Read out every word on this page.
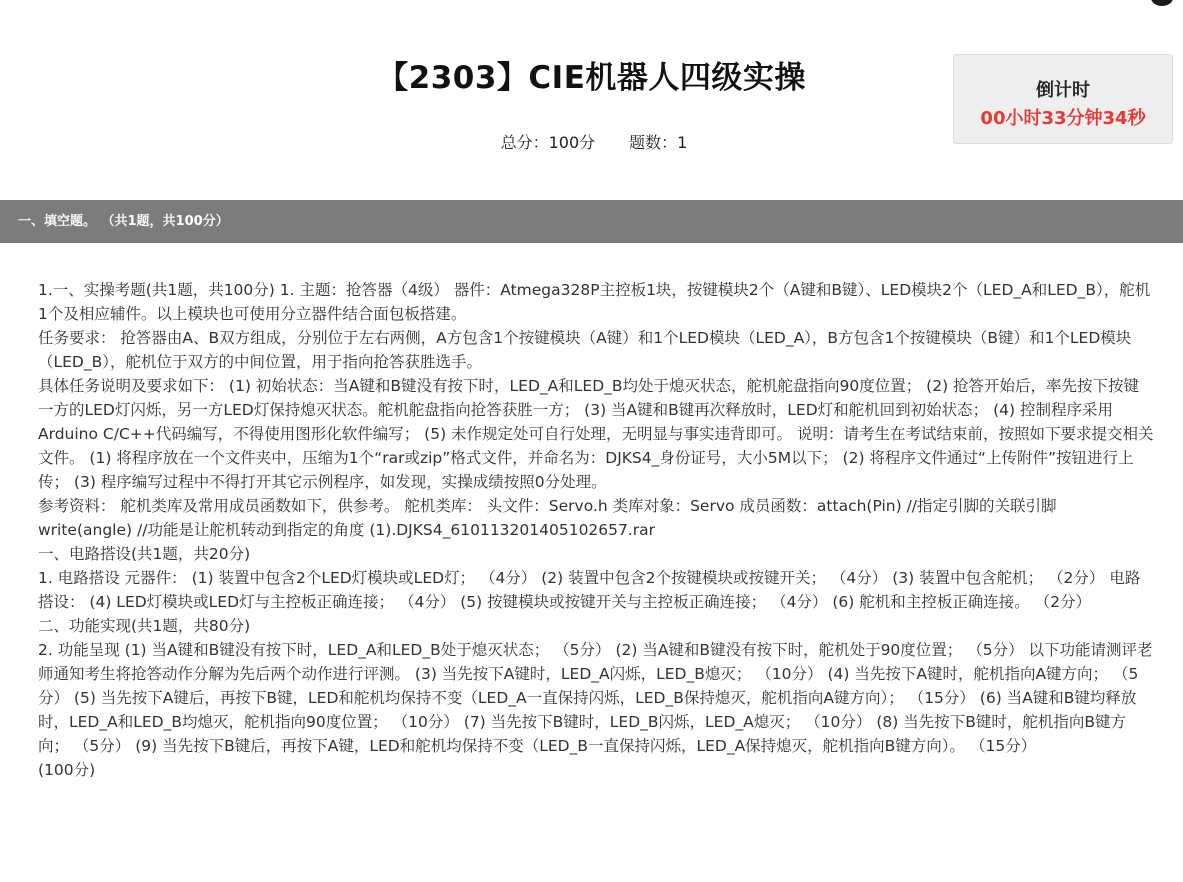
【2303】CIE机器人四级实操
总分：100分 题数：1
倒计时
00小时33分钟34秒
一、填空题。 （共1题，共100分）

1.一、实操考题(共1题，共100分) 1. 主题：抢答器（4级） 器件：Atmega328P主控板1块，按键模块2个（A键和B键）、LED模块2个（LED_A和LED_B），舵机1个及相应辅件。以上模块也可使用分立器件结合面包板搭建。

任务要求： 抢答器由A、B双方组成，分别位于左右两侧，A方包含1个按键模块（A键）和1个LED模块（LED_A），B方包含1个按键模块（B键）和1个LED模块（LED_B），舵机位于双方的中间位置，用于指向抢答获胜选手。

具体任务说明及要求如下： (1) 初始状态：当A键和B键没有按下时，LED_A和LED_B均处于熄灭状态，舵机舵盘指向90度位置； (2) 抢答开始后，率先按下按键一方的LED灯闪烁，另一方LED灯保持熄灭状态。舵机舵盘指向抢答获胜一方； (3) 当A键和B键再次释放时，LED灯和舵机回到初始状态； (4) 控制程序采用Arduino C/C++代码编写，不得使用图形化软件编写； (5) 未作规定处可自行处理，无明显与事实违背即可。 说明：请考生在考试结束前，按照如下要求提交相关文件。 (1) 将程序放在一个文件夹中，压缩为1个“rar或zip”格式文件，并命名为：DJKS4_身份证号，大小5M以下； (2) 将程序文件通过“上传附件”按钮进行上传； (3) 程序编写过程中不得打开其它示例程序，如发现，实操成绩按照0分处理。

参考资料： 舵机类库及常用成员函数如下，供参考。 舵机类库： 头文件：Servo.h 类库对象：Servo 成员函数：attach(Pin) //指定引脚的关联引脚 write(angle) //功能是让舵机转动到指定的角度 (1).DJKS4_610113201405102657.rar

一、电路搭设(共1题，共20分)

1. 电路搭设 元器件： (1) 装置中包含2个LED灯模块或LED灯； （4分） (2) 装置中包含2个按键模块或按键开关； （4分） (3) 装置中包含舵机； （2分） 电路搭设： (4) LED灯模块或LED灯与主控板正确连接； （4分） (5) 按键模块或按键开关与主控板正确连接； （4分） (6) 舵机和主控板正确连接。 （2分）

二、功能实现(共1题，共80分)

2. 功能呈现 (1) 当A键和B键没有按下时，LED_A和LED_B处于熄灭状态； （5分） (2) 当A键和B键没有按下时，舵机处于90度位置； （5分） 以下功能请测评老师通知考生将抢答动作分解为先后两个动作进行评测。 (3) 当先按下A键时，LED_A闪烁，LED_B熄灭； （10分） (4) 当先按下A键时，舵机指向A键方向； （5分） (5) 当先按下A键后，再按下B键，LED和舵机均保持不变（LED_A一直保持闪烁，LED_B保持熄灭，舵机指向A键方向）； （15分） (6) 当A键和B键均释放时，LED_A和LED_B均熄灭，舵机指向90度位置； （10分） (7) 当先按下B键时，LED_B闪烁，LED_A熄灭； （10分） (8) 当先按下B键时，舵机指向B键方向； （5分） (9) 当先按下B键后，再按下A键，LED和舵机均保持不变（LED_B一直保持闪烁，LED_A保持熄灭，舵机指向B键方向）。 （15分）

(100分)
